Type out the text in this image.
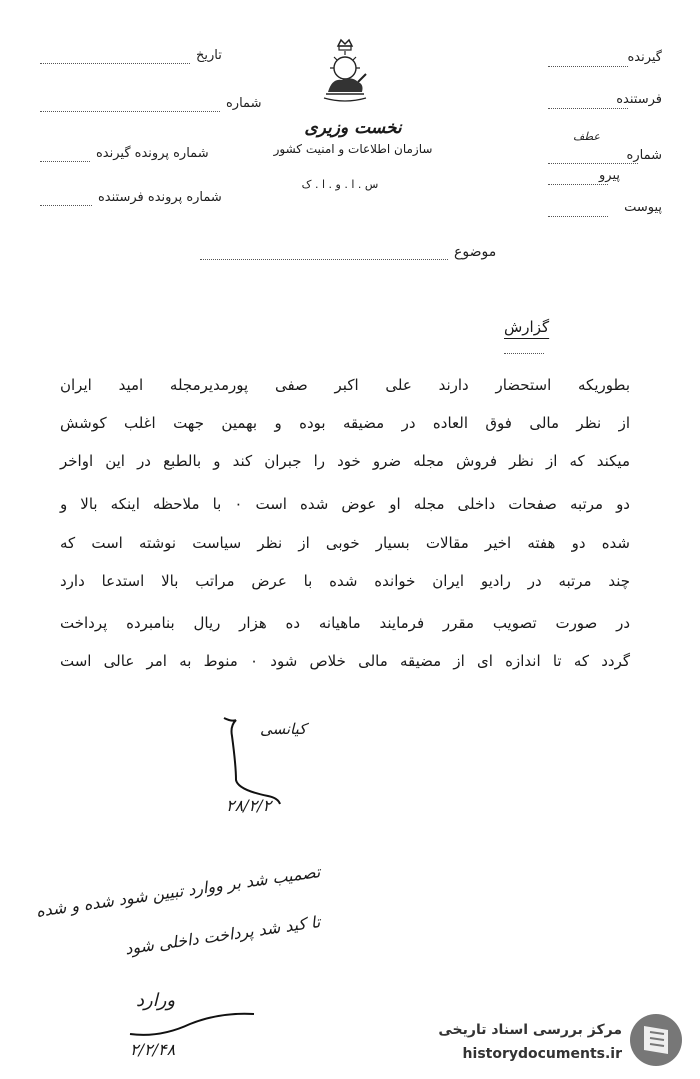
گیرنده
فرستنده
عطف
شماره
پیرو
پیوست
تاریخ
شماره
شماره پرونده گیرنده
شماره پرونده فرستنده
نخست وزیری
سازمان اطلاعات و امنیت کشور
س . ا . و . ا . ک
موضوع
گزارش
بطوریکه استحضار دارند علی اکبر صفی پورمدیرمجله امید ایران
از نظر مالی فوق العاده در مضیقه بوده و بهمین جهت اغلب کوشش
میکند که از نظر فروش مجله ضرو خود را جبران کند و بالطبع در این اواخر
دو مرتبه صفحات داخلی مجله او عوض شده است ۰ با ملاحظه اینکه بالا و
شده دو هفته اخیر مقالات بسیار خوبی از نظر سیاست نوشته است که
چند مرتبه در رادیو ایران خوانده شده با عرض مراتب بالا استدعا دارد
در صورت تصویب مقرر فرمایند ماهیانه ده هزار ریال بنامبرده پرداخت
گردد که تا اندازه ای از مضیقه مالی خلاص شود ۰ منوط به امر عالی است
کیانسی
۲۸/۲/۲
تصمیب شد بر ووارد تبیین شود شده و شده
تا کید شد پرداخت داخلی شود
ورارد
۲/۲/۴۸
مرکز بررسی اسناد تاریخی
historydocuments.ir
